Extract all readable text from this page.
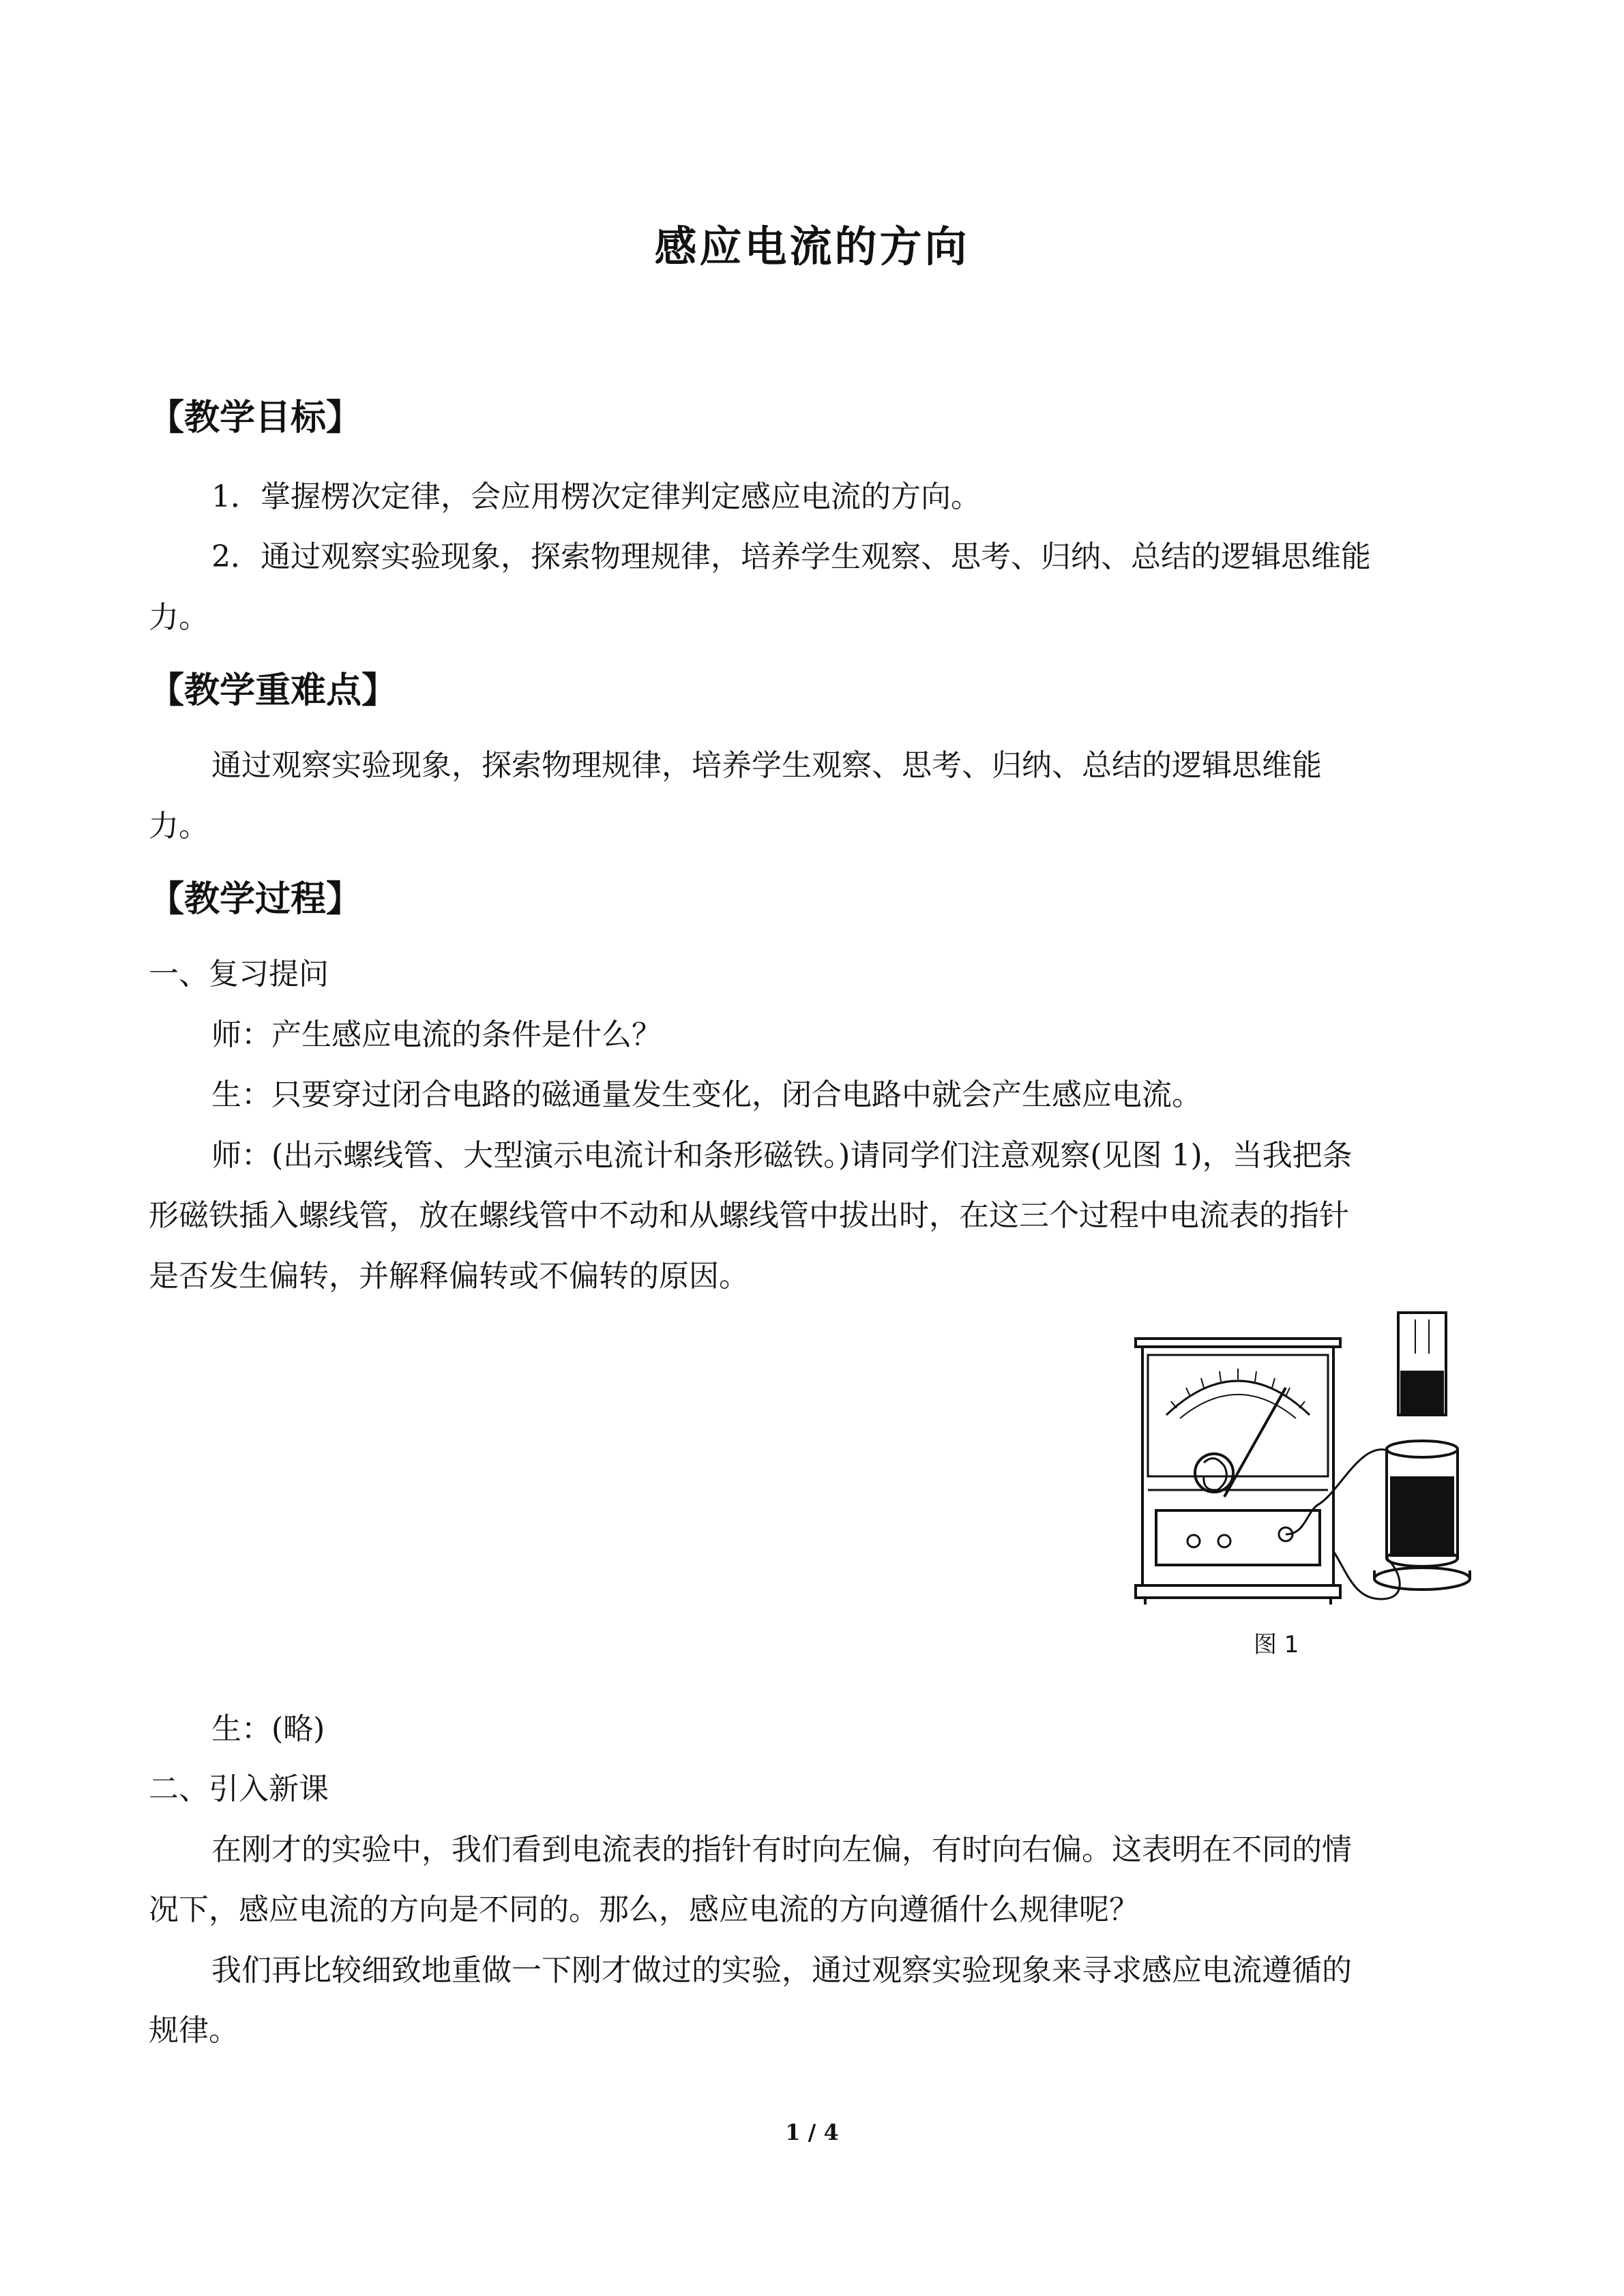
感应电流的方向
【教学目标】
1．掌握楞次定律，会应用楞次定律判定感应电流的方向。
2．通过观察实验现象，探索物理规律，培养学生观察、思考、归纳、总结的逻辑思维能
力。
【教学重难点】
通过观察实验现象，探索物理规律，培养学生观察、思考、归纳、总结的逻辑思维能
力。
【教学过程】
一、复习提问
师：产生感应电流的条件是什么？
生：只要穿过闭合电路的磁通量发生变化，闭合电路中就会产生感应电流。
师：(出示螺线管、大型演示电流计和条形磁铁。)请同学们注意观察(见图 1)，当我把条
形磁铁插入螺线管，放在螺线管中不动和从螺线管中拔出时，在这三个过程中电流表的指针
是否发生偏转，并解释偏转或不偏转的原因。
图 1
生：(略)
二、引入新课
在刚才的实验中，我们看到电流表的指针有时向左偏，有时向右偏。这表明在不同的情
况下，感应电流的方向是不同的。那么，感应电流的方向遵循什么规律呢？
我们再比较细致地重做一下刚才做过的实验，通过观察实验现象来寻求感应电流遵循的
规律。
1 / 4
